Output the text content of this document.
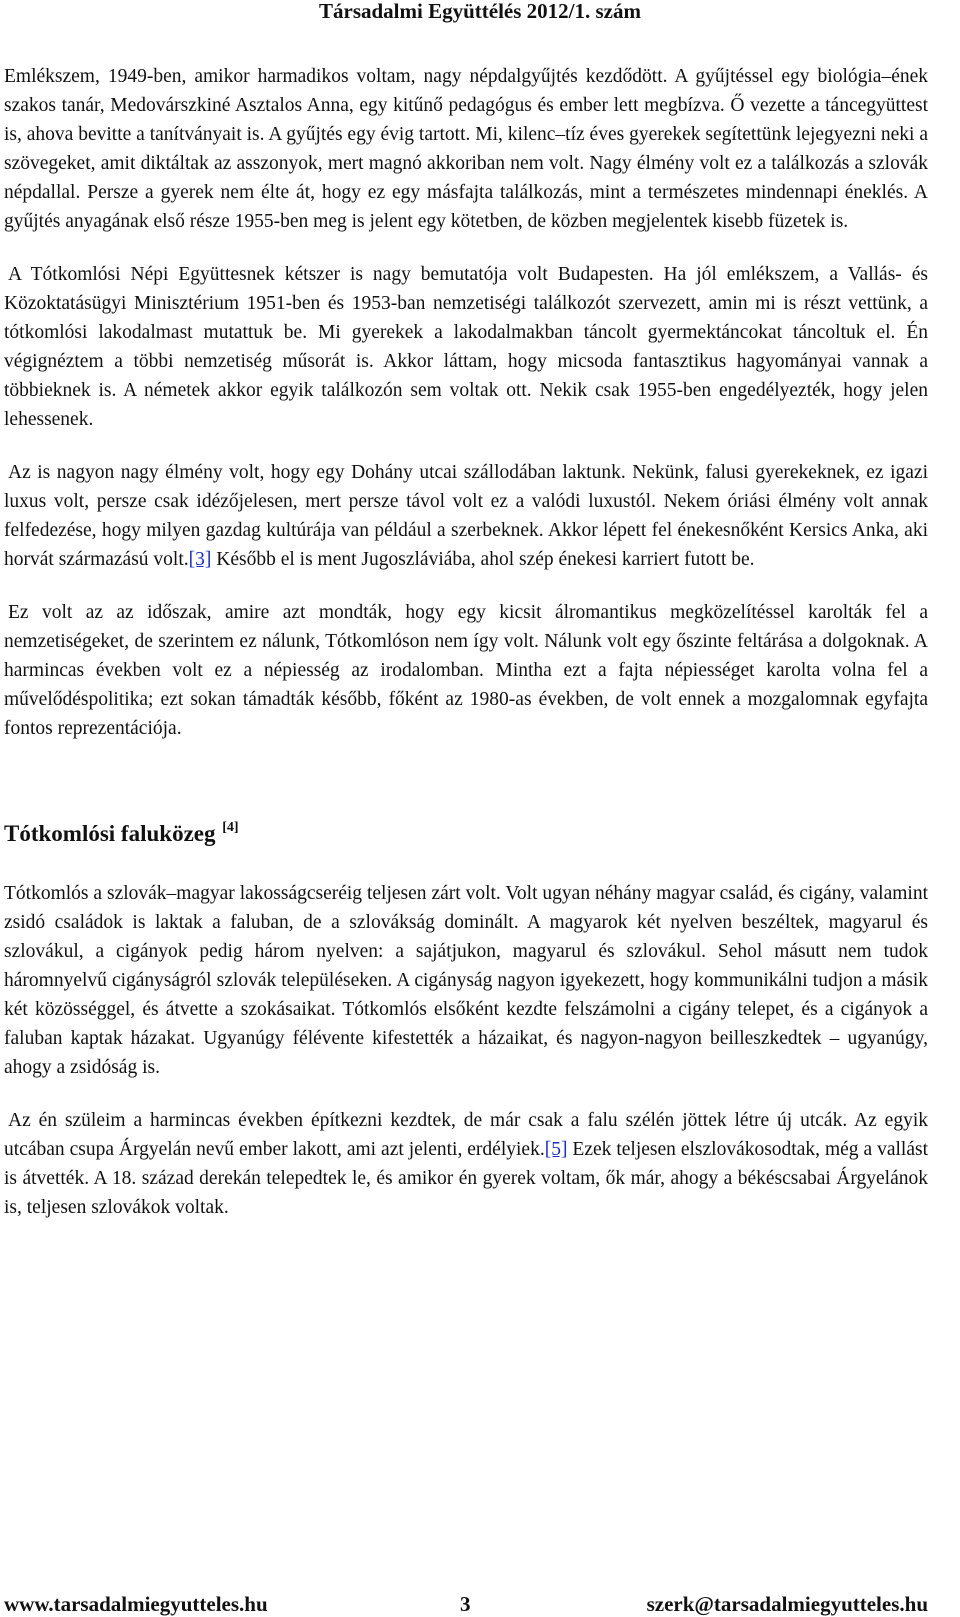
Társadalmi Együttélés 2012/1. szám

Emlékszem, 1949-ben, amikor harmadikos voltam, nagy népdalgyűjtés kezdődött. A gyűjtéssel egy biológia–ének szakos tanár, Medovárszkiné Asztalos Anna, egy kitűnő pedagógus és ember lett megbízva. Ő vezette a táncegyüttest is, ahova bevitte a tanítványait is. A gyűjtés egy évig tartott. Mi, kilenc–tíz éves gyerekek segítettünk lejegyezni neki a szövegeket, amit diktáltak az asszonyok, mert magnó akkoriban nem volt. Nagy élmény volt ez a találkozás a szlovák népdallal. Persze a gyerek nem élte át, hogy ez egy másfajta találkozás, mint a természetes mindennapi éneklés. A gyűjtés anyagának első része 1955-ben meg is jelent egy kötetben, de közben megjelentek kisebb füzetek is.

A Tótkomlósi Népi Együttesnek kétszer is nagy bemutatója volt Budapesten. Ha jól emlékszem, a Vallás- és Közoktatásügyi Minisztérium 1951-ben és 1953-ban nemzetiségi találkozót szervezett, amin mi is részt vettünk, a tótkomlósi lakodalmast mutattuk be. Mi gyerekek a lakodalmakban táncolt gyermektáncokat táncoltuk el. Én végignéztem a többi nemzetiség műsorát is. Akkor láttam, hogy micsoda fantasztikus hagyományai vannak a többieknek is. A németek akkor egyik találkozón sem voltak ott. Nekik csak 1955-ben engedélyezték, hogy jelen lehessenek.

Az is nagyon nagy élmény volt, hogy egy Dohány utcai szállodában laktunk. Nekünk, falusi gyerekeknek, ez igazi luxus volt, persze csak idézőjelesen, mert persze távol volt ez a valódi luxustól. Nekem óriási élmény volt annak felfedezése, hogy milyen gazdag kultúrája van például a szerbeknek. Akkor lépett fel énekesnőként Kersics Anka, aki horvát származású volt.[3] Később el is ment Jugoszláviába, ahol szép énekesi karriert futott be.

Ez volt az az időszak, amire azt mondták, hogy egy kicsit álromantikus megközelítéssel karolták fel a nemzetiségeket, de szerintem ez nálunk, Tótkomlóson nem így volt. Nálunk volt egy őszinte feltárása a dolgoknak. A harmincas években volt ez a népiesség az irodalomban. Mintha ezt a fajta népiességet karolta volna fel a művelődéspolitika; ezt sokan támadták később, főként az 1980-as években, de volt ennek a mozgalomnak egyfajta fontos reprezentációja.

Tótkomlósi faluközeg [4]

Tótkomlós a szlovák–magyar lakosságcseréig teljesen zárt volt. Volt ugyan néhány magyar család, és cigány, valamint zsidó családok is laktak a faluban, de a szlovákság dominált. A magyarok két nyelven beszéltek, magyarul és szlovákul, a cigányok pedig három nyelven: a sajátjukon, magyarul és szlovákul. Sehol másutt nem tudok háromnyelvű cigányságról szlovák településeken. A cigányság nagyon igyekezett, hogy kommunikálni tudjon a másik két közösséggel, és átvette a szokásaikat. Tótkomlós elsőként kezdte felszámolni a cigány telepet, és a cigányok a faluban kaptak házakat. Ugyanúgy félévente kifestették a házaikat, és nagyon-nagyon beilleszkedtek – ugyanúgy, ahogy a zsidóság is.

Az én szüleim a harmincas években építkezni kezdtek, de már csak a falu szélén jöttek létre új utcák. Az egyik utcában csupa Árgyelán nevű ember lakott, ami azt jelenti, erdélyiek.[5] Ezek teljesen elszlovákosodtak, még a vallást is átvették. A 18. század derekán telepedtek le, és amikor én gyerek voltam, ők már, ahogy a békéscsabai Árgyelánok is, teljesen szlovákok voltak.

www.tarsadalmiegyutteles.hu	3	szerk@tarsadalmiegyutteles.hu
